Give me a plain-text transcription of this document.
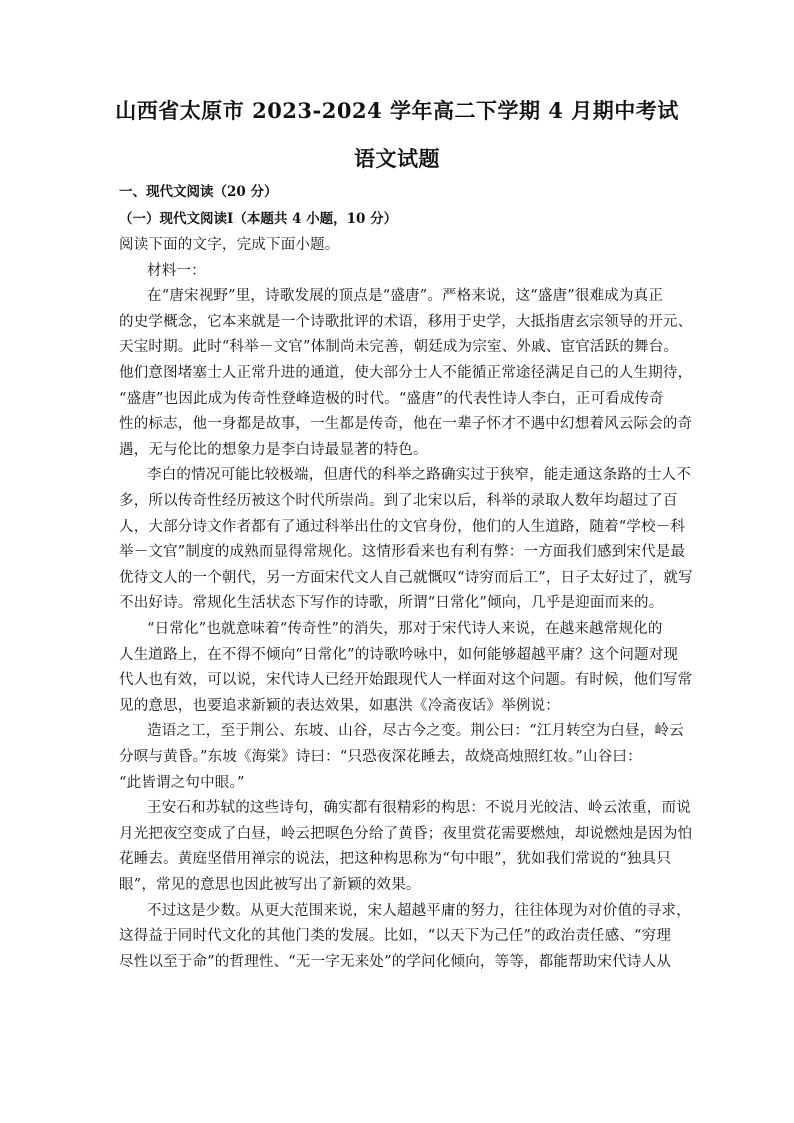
山西省太原市 2023-2024 学年高二下学期 4 月期中考试
语文试题
一、现代文阅读（20 分）
（一）现代文阅读Ⅰ（本题共 4 小题，10 分）
阅读下面的文字，完成下面小题。
材料一：
在“唐宋视野”里，诗歌发展的顶点是“盛唐”。严格来说，这“盛唐”很难成为真正
的史学概念，它本来就是一个诗歌批评的术语，移用于史学，大抵指唐玄宗领导的开元、
天宝时期。此时“科举－文官”体制尚未完善，朝廷成为宗室、外戚、宦官活跃的舞台。
他们意图堵塞士人正常升进的通道，使大部分士人不能循正常途径满足自己的人生期待，
“盛唐”也因此成为传奇性登峰造极的时代。“盛唐”的代表性诗人李白，正可看成传奇
性的标志，他一身都是故事，一生都是传奇，他在一辈子怀才不遇中幻想着风云际会的奇
遇，无与伦比的想象力是李白诗最显著的特色。
李白的情况可能比较极端，但唐代的科举之路确实过于狭窄，能走通这条路的士人不
多，所以传奇性经历被这个时代所崇尚。到了北宋以后，科举的录取人数年均超过了百
人，大部分诗文作者都有了通过科举出仕的文官身份，他们的人生道路，随着“学校－科
举－文官”制度的成熟而显得常规化。这情形看来也有利有弊：一方面我们感到宋代是最
优待文人的一个朝代，另一方面宋代文人自己就慨叹“诗穷而后工”，日子太好过了，就写
不出好诗。常规化生活状态下写作的诗歌，所谓“日常化”倾向，几乎是迎面而来的。
“日常化”也就意味着“传奇性”的消失，那对于宋代诗人来说，在越来越常规化的
人生道路上，在不得不倾向“日常化”的诗歌吟咏中，如何能够超越平庸？这个问题对现
代人也有效，可以说，宋代诗人已经开始跟现代人一样面对这个问题。有时候，他们写常
见的意思，也要追求新颖的表达效果，如惠洪《冷斋夜话》举例说：
造语之工，至于荆公、东坡、山谷，尽古今之变。荆公曰：“江月转空为白昼，岭云
分暝与黄昏。”东坡《海棠》诗曰：“只恐夜深花睡去，故烧高烛照红妆。”山谷曰：
“此皆谓之句中眼。”
王安石和苏轼的这些诗句，确实都有很精彩的构思：不说月光皎洁、岭云浓重，而说
月光把夜空变成了白昼，岭云把暝色分给了黄昏；夜里赏花需要燃烛，却说燃烛是因为怕
花睡去。黄庭坚借用禅宗的说法，把这种构思称为“句中眼”，犹如我们常说的“独具只
眼”，常见的意思也因此被写出了新颖的效果。
不过这是少数。从更大范围来说，宋人超越平庸的努力，往往体现为对价值的寻求，
这得益于同时代文化的其他门类的发展。比如，“以天下为己任”的政治责任感、“穷理
尽性以至于命”的哲理性、“无一字无来处”的学问化倾向，等等，都能帮助宋代诗人从
